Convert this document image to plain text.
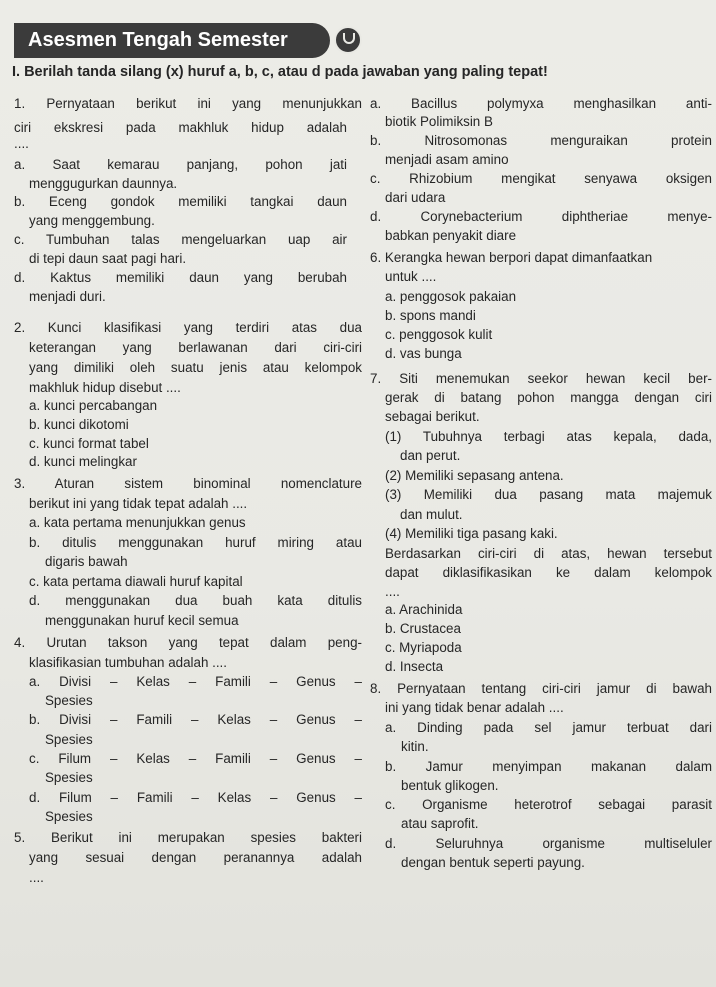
Asesmen Tengah Semester
I. Berilah tanda silang (x) huruf a, b, c, atau d pada jawaban yang paling tepat!
1. Pernyataan berikut ini yang menunjukkan
ciri ekskresi pada makhluk hidup adalah
....
a. Saat kemarau panjang, pohon jati
menggugurkan daunnya.
b. Eceng gondok memiliki tangkai daun
yang menggembung.
c. Tumbuhan talas mengeluarkan uap air
di tepi daun saat pagi hari.
d. Kaktus memiliki daun yang berubah
menjadi duri.
2. Kunci klasifikasi yang terdiri atas dua
keterangan yang berlawanan dari ciri-ciri
yang dimiliki oleh suatu jenis atau kelompok
makhluk hidup disebut ....
a. kunci percabangan
b. kunci dikotomi
c. kunci format tabel
d. kunci melingkar
3. Aturan sistem binominal nomenclature
berikut ini yang tidak tepat adalah ....
a. kata pertama menunjukkan genus
b. ditulis menggunakan huruf miring atau
digaris bawah
c. kata pertama diawali huruf kapital
d. menggunakan dua buah kata ditulis
menggunakan huruf kecil semua
4. Urutan takson yang tepat dalam peng-
klasifikasian tumbuhan adalah ....
a. Divisi – Kelas – Famili – Genus –
Spesies
b. Divisi – Famili – Kelas – Genus –
Spesies
c. Filum – Kelas – Famili – Genus –
Spesies
d. Filum – Famili – Kelas – Genus –
Spesies
5. Berikut ini merupakan spesies bakteri
yang sesuai dengan peranannya adalah
....
a. Bacillus polymyxa menghasilkan anti-
biotik Polimiksin B
b. Nitrosomonas menguraikan protein
menjadi asam amino
c. Rhizobium mengikat senyawa oksigen
dari udara
d. Corynebacterium diphtheriae menye-
babkan penyakit diare
6. Kerangka hewan berpori dapat dimanfaatkan
untuk ....
a. penggosok pakaian
b. spons mandi
c. penggosok kulit
d. vas bunga
7. Siti menemukan seekor hewan kecil ber-
gerak di batang pohon mangga dengan ciri
sebagai berikut.
(1) Tubuhnya terbagi atas kepala, dada,
dan perut.
(2) Memiliki sepasang antena.
(3) Memiliki dua pasang mata majemuk
dan mulut.
(4) Memiliki tiga pasang kaki.
Berdasarkan ciri-ciri di atas, hewan tersebut
dapat diklasifikasikan ke dalam kelompok
....
a. Arachinida
b. Crustacea
c. Myriapoda
d. Insecta
8. Pernyataan tentang ciri-ciri jamur di bawah
ini yang tidak benar adalah ....
a. Dinding pada sel jamur terbuat dari
kitin.
b. Jamur menyimpan makanan dalam
bentuk glikogen.
c. Organisme heterotrof sebagai parasit
atau saprofit.
d. Seluruhnya organisme multiseluler
dengan bentuk seperti payung.
